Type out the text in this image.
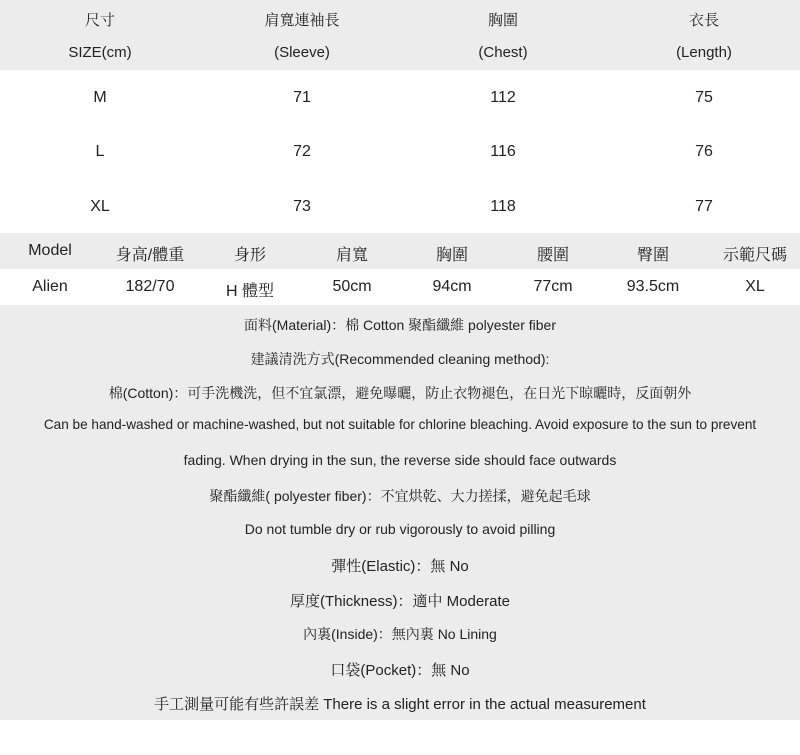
尺寸	肩寬連袖長	胸圍	衣長
SIZE(cm)	(Sleeve)	(Chest)	(Length)
M	71	112	75
L	72	116	76
XL	73	118	77
Model	身高/體重	身形	肩寬	胸圍	腰圍	臀圍	示範尺碼
Alien	182/70	H 體型	50cm	94cm	77cm	93.5cm	XL
面料(Material)：棉 Cotton 聚酯纖維 polyester fiber
建議清洗方式(Recommended cleaning method):
棉(Cotton)：可手洗機洗，但不宜氯漂，避免曝曬，防止衣物褪色，在日光下晾曬時，反面朝外
Can be hand-washed or machine-washed, but not suitable for chlorine bleaching. Avoid exposure to the sun to prevent
fading. When drying in the sun, the reverse side should face outwards
聚酯纖維( polyester fiber)：不宜烘乾、大力搓揉，避免起毛球
Do not tumble dry or rub vigorously to avoid pilling
彈性(Elastic)：無 No
厚度(Thickness)：適中 Moderate
內裏(Inside)：無內裏 No Lining
口袋(Pocket)：無 No
手工測量可能有些許誤差 There is a slight error in the actual measurement
